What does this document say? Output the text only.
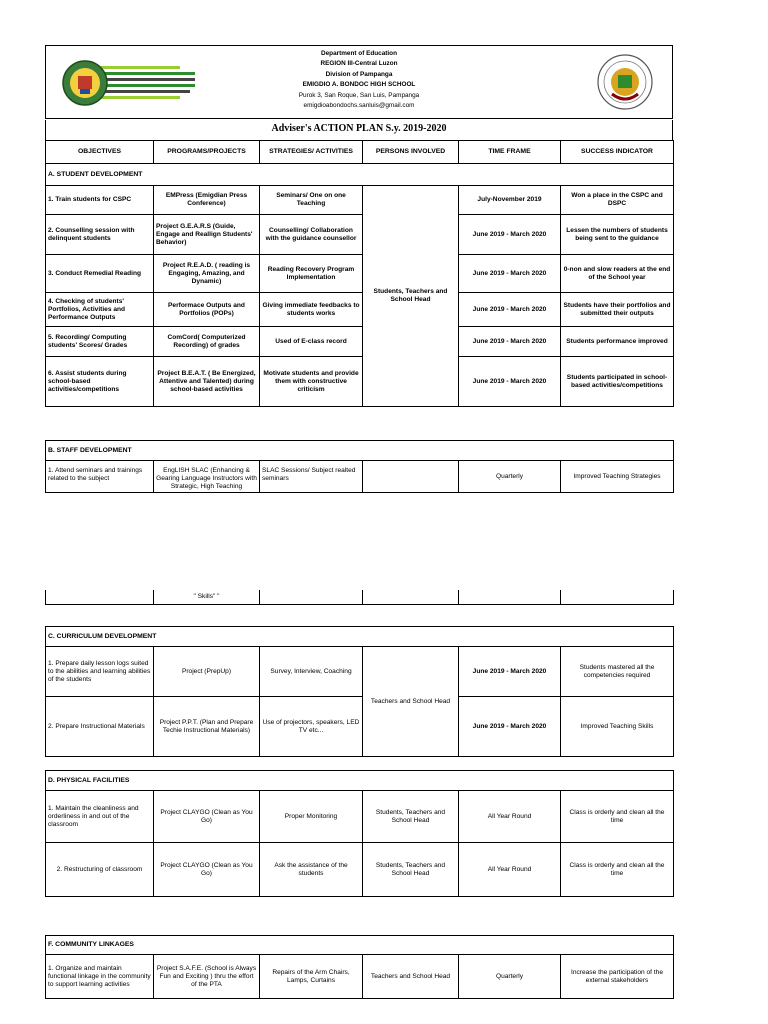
Department of Education
REGION III-Central Luzon
Division of Pampanga
EMIGDIO A. BONDOC HIGH SCHOOL
Purok 3, San Roque, San Luis, Pampanga
emigdioabondochs.sanluis@gmail.com
Adviser's ACTION PLAN S.y. 2019-2020
OBJECTIVES	PROGRAMS/PROJECTS	STRATEGIES/ ACTIVITIES	PERSONS INVOLVED	TIME FRAME	SUCCESS INDICATOR
A. STUDENT DEVELOPMENT					
1. Train students for CSPC	EMPress (Emigdian Press Conference)	Seminars/ One on one Teaching	Students, Teachers and School Head	July-November 2019	Won a place in the CSPC and DSPC
2. Counselling session with delinquent students	Project G.E.A.R.S (Guide, Engage and Reallign Students' Behavior)	Counselling/ Collaboration with the guidance counsellor		June 2019 - March 2020	Lessen the numbers of students being sent to the guidance
3. Conduct Remedial Reading	Project R.E.A.D. ( reading is Engaging, Amazing, and Dynamic)	Reading Recovery Program Implementation		June 2019 - March 2020	0-non and slow readers at the end of the School year
4. Checking of students' Portfolios, Activities and Performance Outputs	Performace Outputs and Portfolios (POPs)	Giving immediate feedbacks to students works		June 2019 - March 2020	Students have their portfolios and submitted their outputs
5. Recording/ Computing students' Scores/ Grades	ComCord( Computerized Recording) of grades	Used of E-class record		June 2019 - March 2020	Students performance improved
6. Assist students during school-based activities/competitions	Project B.E.A.T. ( Be Energized, Attentive and Talented) during school-based activities	Motivate students and provide them with constructive criticism		June 2019 - March 2020	Students participated in school-based activities/competitions
B. STAFF DEVELOPMENT
1. Attend seminars and trainings related to the subject	EngLISH SLAC (Enhancing & Gearing Language Instructors with Strategic, High Teaching	SLAC Sessions/ Subject realted seminars		Quarterly	Improved Teaching Strategies
	" Skills" "				
C. CURRICULUM DEVELOPMENT					
1. Prepare daily lesson logs suited to the abilities and learning abilities of the students	Project (PrepUp)	Survey, Interview, Coaching	Teachers and School Head	June 2019 - March 2020	Students mastered all the competencies required
2. Prepare Instructional Materials	Project P.P.T. (Plan and Prepare Techie Instructional Materials)	Use of projectors, speakers, LED TV etc...		June 2019 - March 2020	Improved Teaching Skills
D. PHYSICAL FACILITIES					
1. Maintain the cleanliness and orderliness in and out of the classroom	Project CLAYGO (Clean as You Go)	Proper Monitoring	Students, Teachers and School Head	All Year Round	Class is orderly and clean all the time
2. Restructuring of classroom	Project CLAYGO (Clean as You Go)	Ask the assistance of the students	Students, Teachers and School Head	All Year Round	Class is orderly and clean all the time
F. COMMUNITY LINKAGES
1. Organize and maintain functional linkage in the community to support learning activities	Project S.A.F.E. (School is Always Fun and Exciting ) thru the effort of the PTA	Repairs of the Arm Chairs, Lamps, Curtains	Teachers and School Head	Quarterly	Increase the participation of the external stakeholders
